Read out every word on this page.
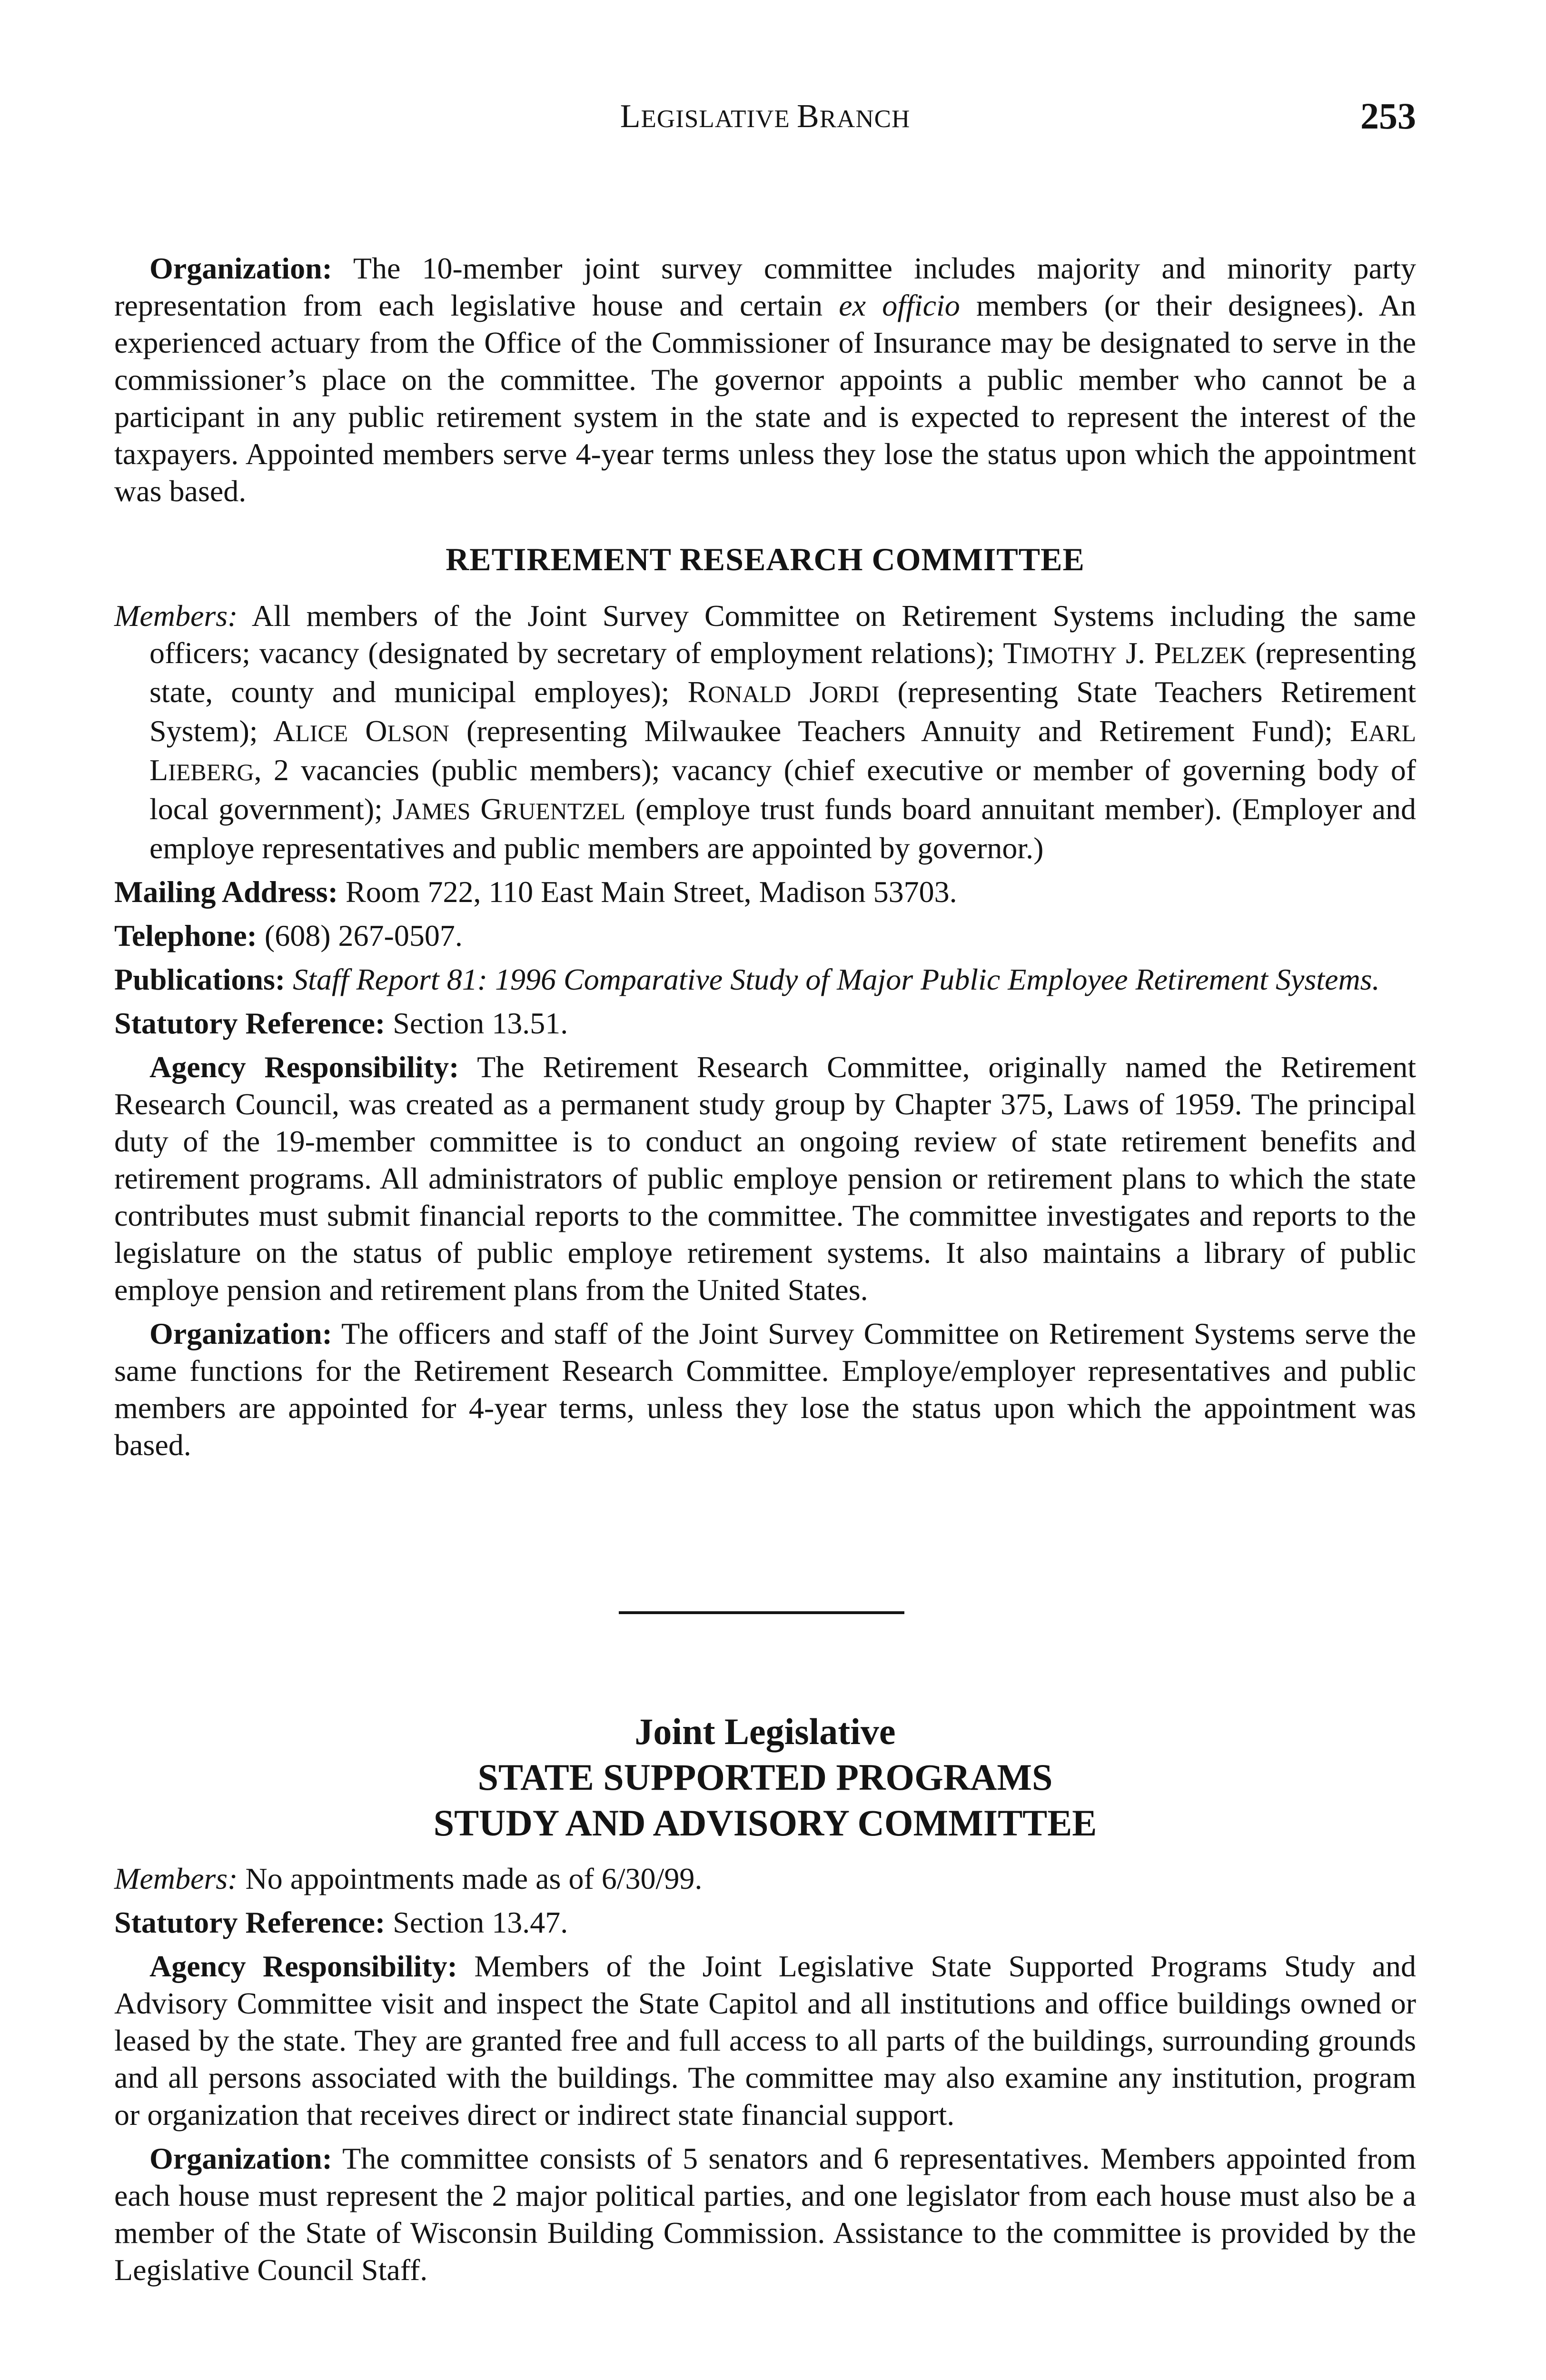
LEGISLATIVE BRANCH	253

Organization: The 10-member joint survey committee includes majority and minority party representation from each legislative house and certain ex officio members (or their designees). An experienced actuary from the Office of the Commissioner of Insurance may be designated to serve in the commissioner’s place on the committee. The governor appoints a public member who cannot be a participant in any public retirement system in the state and is expected to represent the interest of the taxpayers. Appointed members serve 4-year terms unless they lose the status upon which the appointment was based.

RETIREMENT RESEARCH COMMITTEE

Members: All members of the Joint Survey Committee on Retirement Systems including the same officers; vacancy (designated by secretary of employment relations); TIMOTHY J. PELZEK (representing state, county and municipal employes); RONALD JORDI (representing State Teachers Retirement System); ALICE OLSON (representing Milwaukee Teachers Annuity and Retirement Fund); EARL LIEBERG, 2 vacancies (public members); vacancy (chief executive or member of governing body of local government); JAMES GRUENTZEL (employe trust funds board annuitant member). (Employer and employe representatives and public members are appointed by governor.)

Mailing Address: Room 722, 110 East Main Street, Madison 53703.

Telephone: (608) 267-0507.

Publications: Staff Report 81: 1996 Comparative Study of Major Public Employee Retirement Systems.

Statutory Reference: Section 13.51.

Agency Responsibility: The Retirement Research Committee, originally named the Retirement Research Council, was created as a permanent study group by Chapter 375, Laws of 1959. The principal duty of the 19-member committee is to conduct an ongoing review of state retirement benefits and retirement programs. All administrators of public employe pension or retirement plans to which the state contributes must submit financial reports to the committee. The committee investigates and reports to the legislature on the status of public employe retirement systems. It also maintains a library of public employe pension and retirement plans from the United States.

Organization: The officers and staff of the Joint Survey Committee on Retirement Systems serve the same functions for the Retirement Research Committee. Employe/employer representatives and public members are appointed for 4-year terms, unless they lose the status upon which the appointment was based.

Joint Legislative
STATE SUPPORTED PROGRAMS
STUDY AND ADVISORY COMMITTEE

Members: No appointments made as of 6/30/99.

Statutory Reference: Section 13.47.

Agency Responsibility: Members of the Joint Legislative State Supported Programs Study and Advisory Committee visit and inspect the State Capitol and all institutions and office buildings owned or leased by the state. They are granted free and full access to all parts of the buildings, surrounding grounds and all persons associated with the buildings. The committee may also examine any institution, program or organization that receives direct or indirect state financial support.

Organization: The committee consists of 5 senators and 6 representatives. Members appointed from each house must represent the 2 major political parties, and one legislator from each house must also be a member of the State of Wisconsin Building Commission. Assistance to the committee is provided by the Legislative Council Staff.
